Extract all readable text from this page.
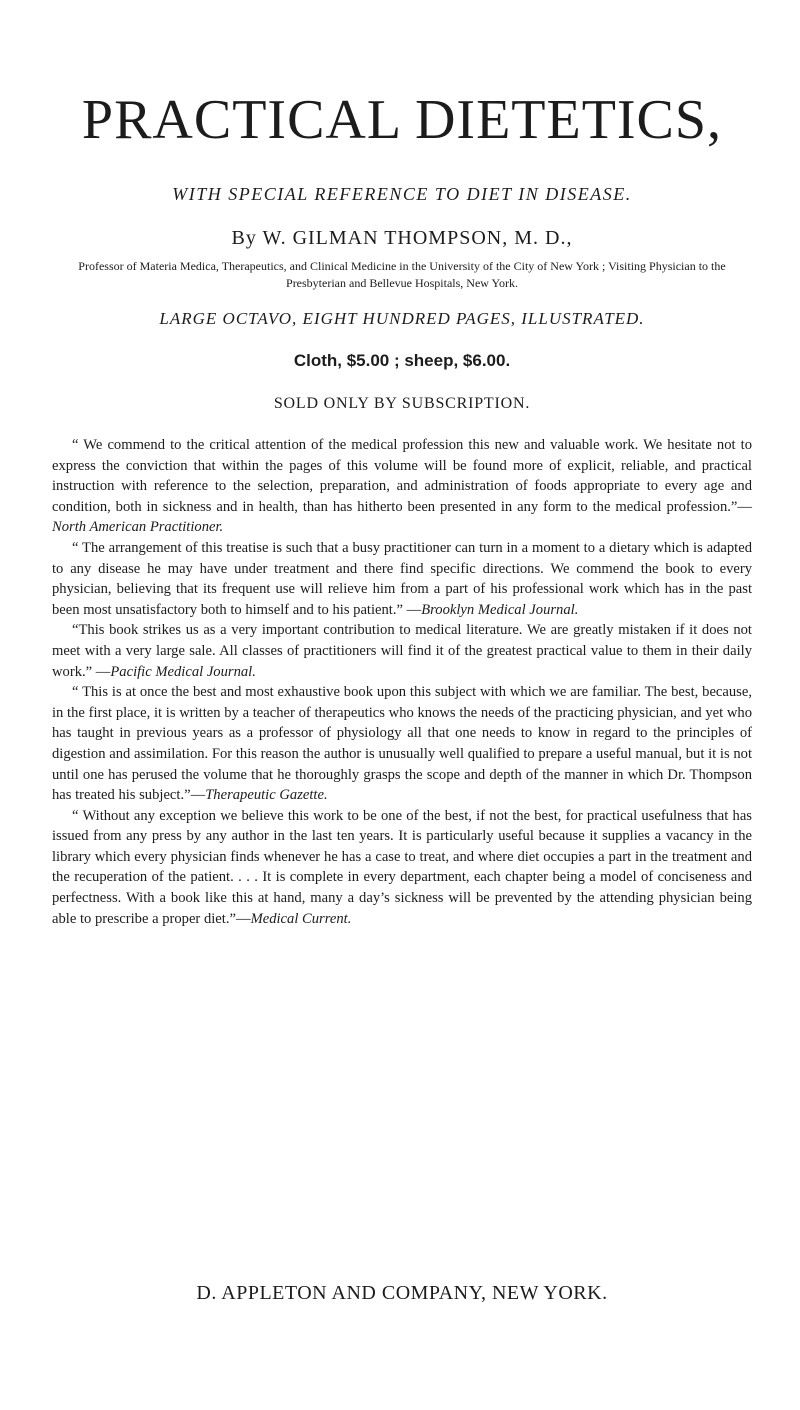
PRACTICAL DIETETICS,
WITH SPECIAL REFERENCE TO DIET IN DISEASE.
By W. GILMAN THOMPSON, M. D.,
Professor of Materia Medica, Therapeutics, and Clinical Medicine in the University of the City of New York ; Visiting Physician to the Presbyterian and Bellevue Hospitals, New York.
LARGE OCTAVO, EIGHT HUNDRED PAGES, ILLUSTRATED.
Cloth, $5.00 ; sheep, $6.00.
SOLD ONLY BY SUBSCRIPTION.

“ We commend to the critical attention of the medical profession this new and valuable work. We hesitate not to express the conviction that within the pages of this volume will be found more of explicit, reliable, and practical instruction with reference to the selection, preparation, and administration of foods appropriate to every age and condition, both in sickness and in health, than has hitherto been presented in any form to the medical profession.”—North American Practitioner.

“ The arrangement of this treatise is such that a busy practitioner can turn in a moment to a dietary which is adapted to any disease he may have under treatment and there find specific directions. We commend the book to every physician, believing that its frequent use will relieve him from a part of his professional work which has in the past been most unsatisfactory both to himself and to his patient.” —Brooklyn Medical Journal.

“This book strikes us as a very important contribution to medical literature. We are greatly mistaken if it does not meet with a very large sale. All classes of practitioners will find it of the greatest practical value to them in their daily work.” —Pacific Medical Journal.

“ This is at once the best and most exhaustive book upon this subject with which we are familiar. The best, because, in the first place, it is written by a teacher of therapeutics who knows the needs of the practicing physician, and yet who has taught in previous years as a professor of physiology all that one needs to know in regard to the principles of digestion and assimilation. For this reason the author is unusually well qualified to prepare a useful manual, but it is not until one has perused the volume that he thoroughly grasps the scope and depth of the manner in which Dr. Thompson has treated his subject.”—Therapeutic Gazette.

“ Without any exception we believe this work to be one of the best, if not the best, for practical usefulness that has issued from any press by any author in the last ten years. It is particularly useful because it supplies a vacancy in the library which every physician finds whenever he has a case to treat, and where diet occupies a part in the treatment and the recuperation of the patient. . . . It is complete in every department, each chapter being a model of conciseness and perfectness. With a book like this at hand, many a day’s sickness will be prevented by the attending physician being able to prescribe a proper diet.”—Medical Current.

D. APPLETON AND COMPANY, NEW YORK.
